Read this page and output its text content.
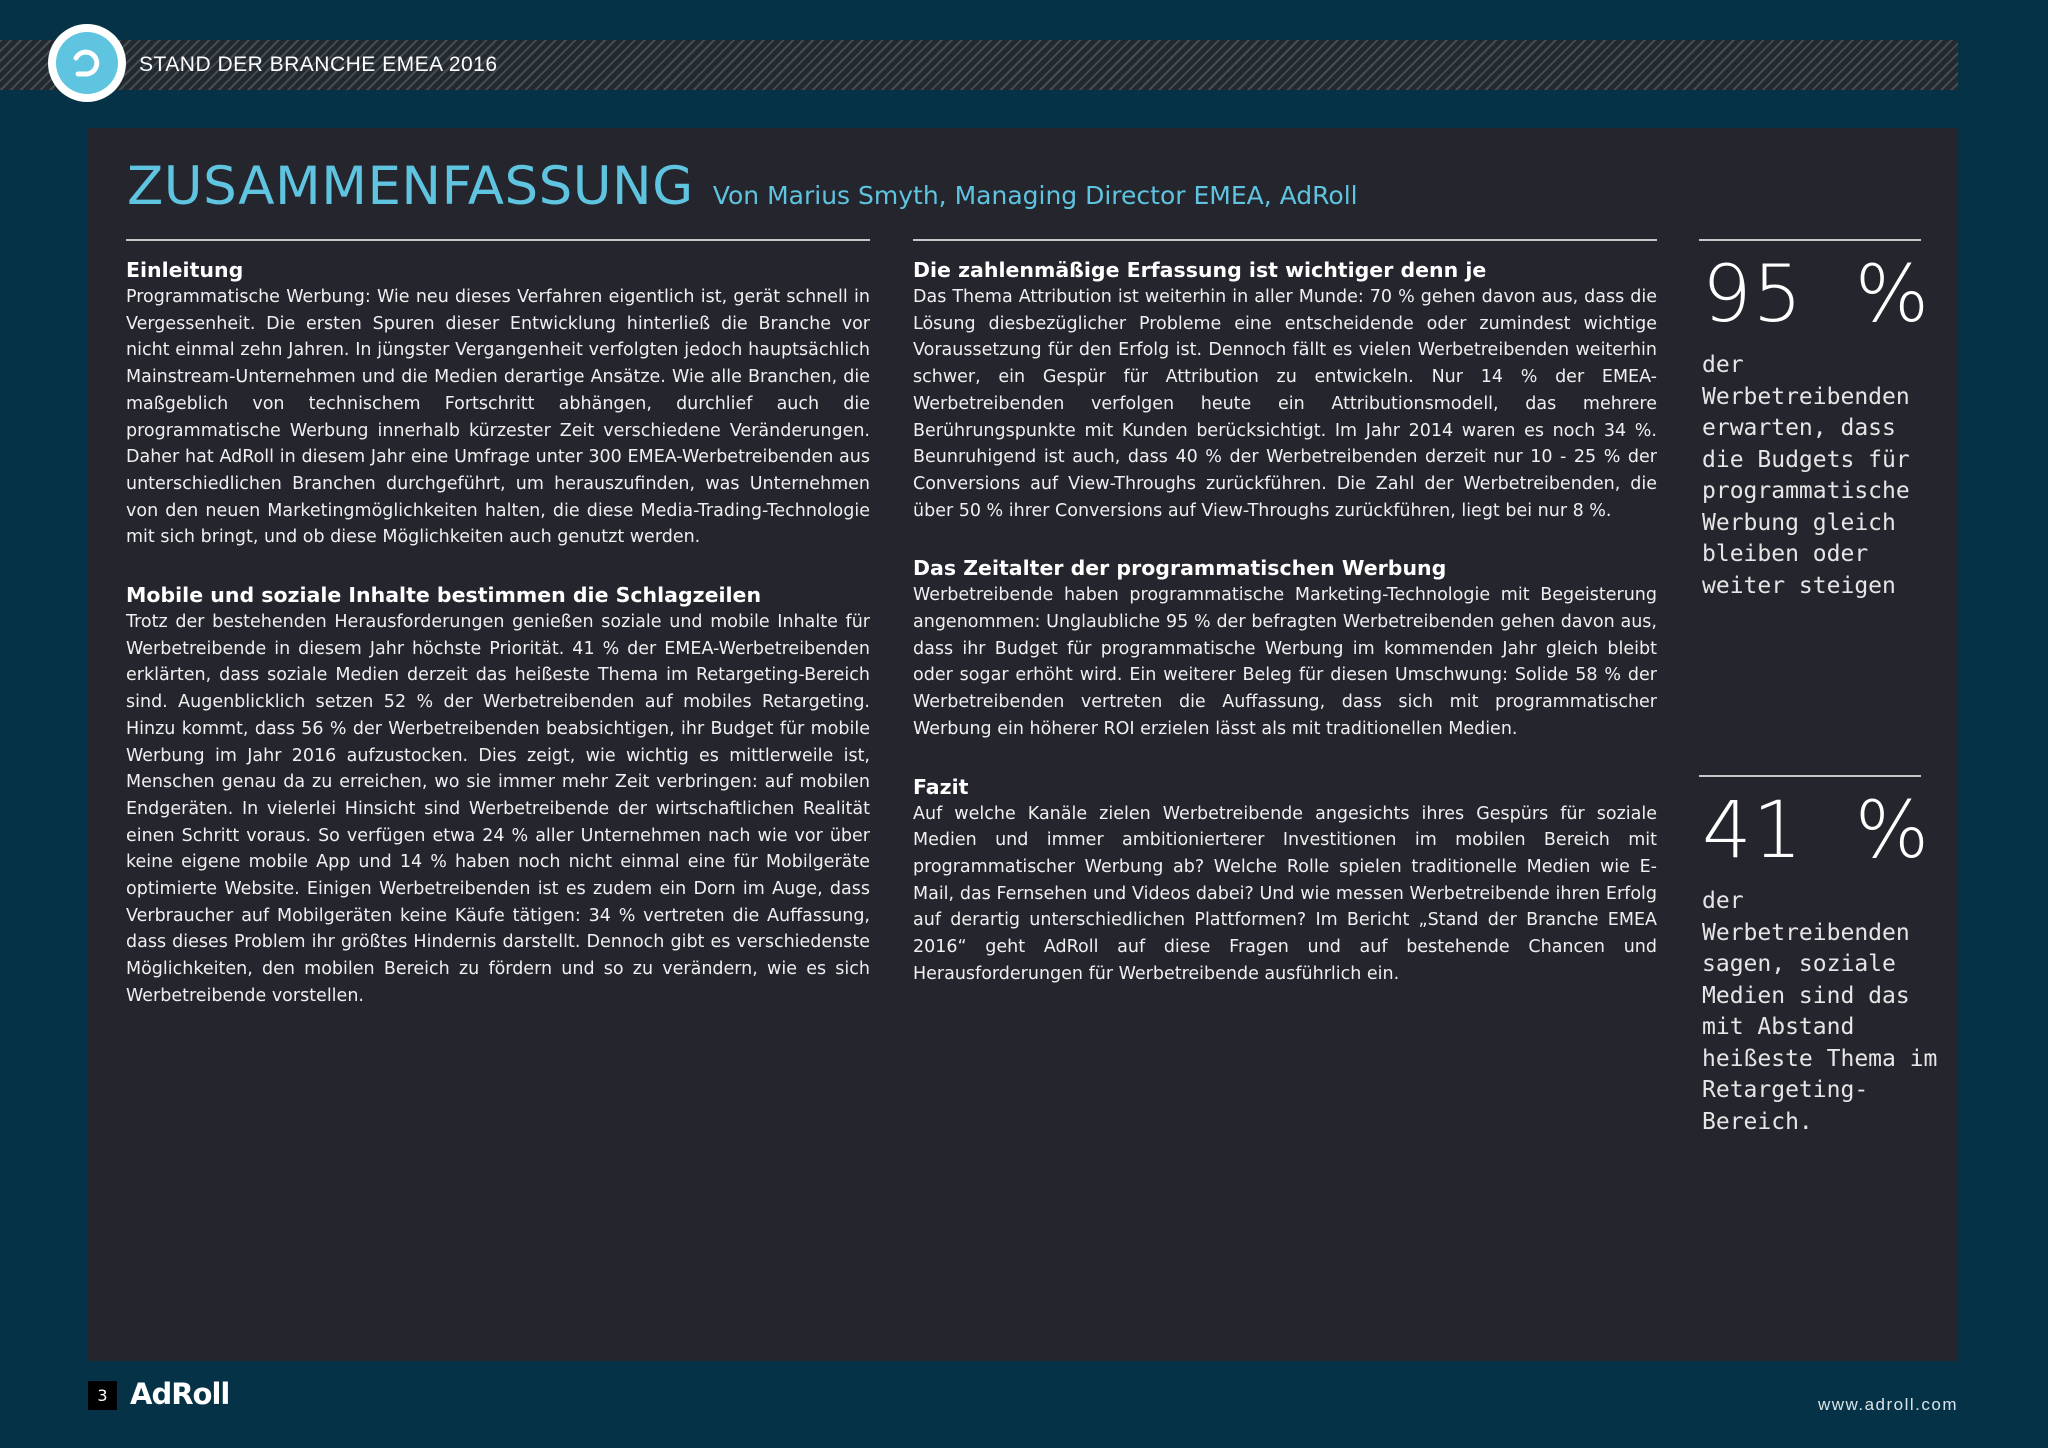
STAND DER BRANCHE EMEA 2016
ZUSAMMENFASSUNG Von Marius Smyth, Managing Director EMEA, AdRoll
Einleitung

Programmatische Werbung: Wie neu dieses Verfahren eigentlich ist, gerät schnell in Vergessenheit. Die ersten Spuren dieser Entwicklung hinterließ die Branche vor nicht einmal zehn Jahren. In jüngster Vergangenheit verfolgten jedoch hauptsächlich Mainstream-Unternehmen und die Medien derartige Ansätze. Wie alle Branchen, die maßgeblich von technischem Fortschritt abhängen, durchlief auch die programmatische Werbung innerhalb kürzester Zeit verschiedene Veränderungen. Daher hat AdRoll in diesem Jahr eine Umfrage unter 300 EMEA-Werbetreibenden aus unterschiedlichen Branchen durchgeführt, um herauszufinden, was Unternehmen von den neuen Marketingmöglichkeiten halten, die diese Media-Trading-Technologie mit sich bringt, und ob diese Möglichkeiten auch genutzt werden.

Mobile und soziale Inhalte bestimmen die Schlagzeilen

Trotz der bestehenden Herausforderungen genießen soziale und mobile Inhalte für Werbetreibende in diesem Jahr höchste Priorität. 41 % der EMEA-Werbetreibenden erklärten, dass soziale Medien derzeit das heißeste Thema im Retargeting-Bereich sind. Augenblicklich setzen 52 % der Werbetreibenden auf mobiles Retargeting. Hinzu kommt, dass 56 % der Werbetreibenden beabsichtigen, ihr Budget für mobile Werbung im Jahr 2016 aufzustocken. Dies zeigt, wie wichtig es mittlerweile ist, Menschen genau da zu erreichen, wo sie immer mehr Zeit verbringen: auf mobilen Endgeräten. In vielerlei Hinsicht sind Werbetreibende der wirtschaftlichen Realität einen Schritt voraus. So verfügen etwa 24 % aller Unternehmen nach wie vor über keine eigene mobile App und 14 % haben noch nicht einmal eine für Mobilgeräte optimierte Website. Einigen Werbetreibenden ist es zudem ein Dorn im Auge, dass Verbraucher auf Mobilgeräten keine Käufe tätigen: 34 % vertreten die Auffassung, dass dieses Problem ihr größtes Hindernis darstellt. Dennoch gibt es verschiedenste Möglichkeiten, den mobilen Bereich zu fördern und so zu verändern, wie es sich Werbetreibende vorstellen.

Die zahlenmäßige Erfassung ist wichtiger denn je

Das Thema Attribution ist weiterhin in aller Munde: 70 % gehen davon aus, dass die Lösung diesbezüglicher Probleme eine entscheidende oder zumindest wichtige Voraussetzung für den Erfolg ist. Dennoch fällt es vielen Werbetreibenden weiterhin schwer, ein Gespür für Attribution zu entwickeln. Nur 14 % der EMEA-Werbetreibenden verfolgen heute ein Attributionsmodell, das mehrere Berührungspunkte mit Kunden berücksichtigt. Im Jahr 2014 waren es noch 34 %. Beunruhigend ist auch, dass 40 % der Werbetreibenden derzeit nur 10 - 25 % der Conversions auf View-Throughs zurückführen. Die Zahl der Werbetreibenden, die über 50 % ihrer Conversions auf View-Throughs zurückführen, liegt bei nur 8 %.

Das Zeitalter der programmatischen Werbung

Werbetreibende haben programmatische Marketing-Technologie mit Begeisterung angenommen: Unglaubliche 95 % der befragten Werbetreibenden gehen davon aus, dass ihr Budget für programmatische Werbung im kommenden Jahr gleich bleibt oder sogar erhöht wird. Ein weiterer Beleg für diesen Umschwung: Solide 58 % der Werbetreibenden vertreten die Auffassung, dass sich mit programmatischer Werbung ein höherer ROI erzielen lässt als mit traditionellen Medien.

Fazit

Auf welche Kanäle zielen Werbetreibende angesichts ihres Gespürs für soziale Medien und immer ambitionierterer Investitionen im mobilen Bereich mit programmatischer Werbung ab? Welche Rolle spielen traditionelle Medien wie E-Mail, das Fernsehen und Videos dabei? Und wie messen Werbetreibende ihren Erfolg auf derartig unterschiedlichen Plattformen? Im Bericht „Stand der Branche EMEA 2016“ geht AdRoll auf diese Fragen und auf bestehende Chancen und Herausforderungen für Werbetreibende ausführlich ein.

95  %
der Werbetreibenden erwarten, dass die Budgets für programmatische Werbung gleich bleiben oder weiter steigen
41  %
der Werbetreibenden sagen, soziale Medien sind das mit Abstand heißeste Thema im Retargeting-Bereich.
3 AdRoll	www.adroll.com
